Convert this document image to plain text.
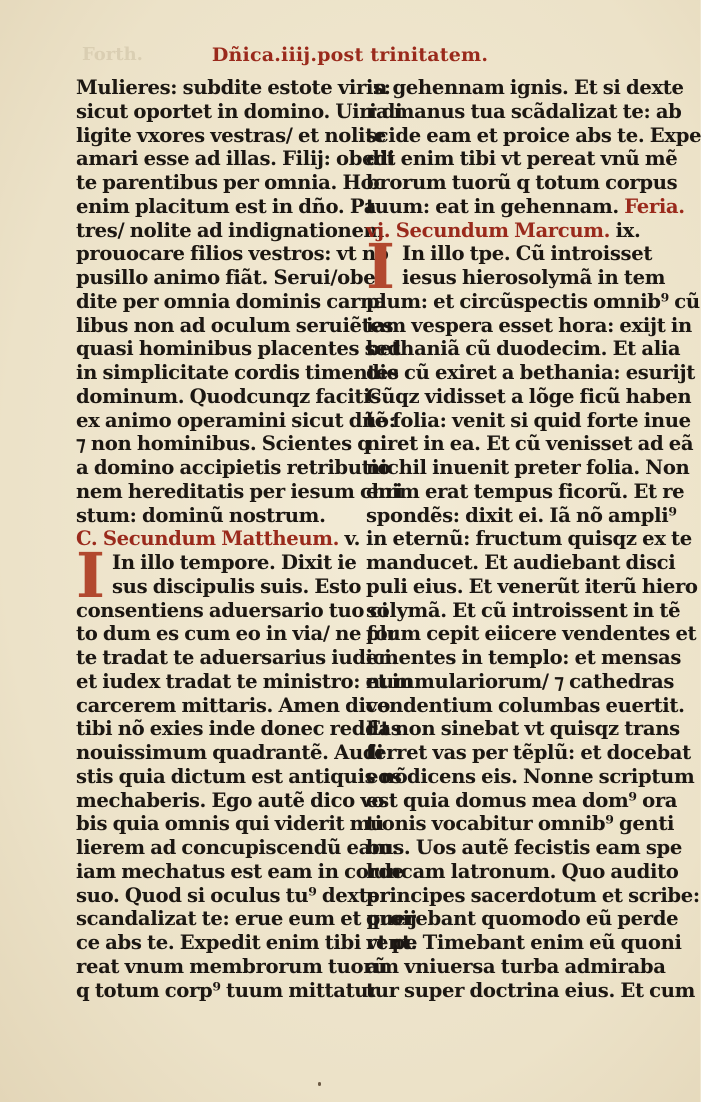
Forth.	Dñica.iiij.post trinitatem.
Mulieres: subdite estote viris:
sicut oportet in domino. Uiri di
ligite vxores vestras/ et nolite
amari esse ad illas. Filij: obedi
te parentibus per omnia. Hoc
enim placitum est in dño. Pa
tres/ nolite ad indignationem
prouocare filios vestros: vt nõ
pusillo animo fiãt. Serui/obe
dite per omnia dominis carna
libus non ad oculum seruiẽtes
quasi hominibus placentes sed
in simplicitate cordis timentes
dominum. Quodcunqz facitis
ex animo operamini sicut dño:
⁊ non hominibus. Scientes q
a domino accipietis retributio
nem hereditatis per iesum chri
stum: dominũ nostrum.
C. Secundum Mattheum. v.
I In illo tempore. Dixit ie
sus discipulis suis. Esto
consentiens aduersario tuo ci
to dum es cum eo in via/ ne for
te tradat te aduersarius iudici:
et iudex tradat te ministro: et in
carcerem mittaris. Amen dico
tibi nõ exies inde donec reddas
nouissimum quadrantẽ. Audi
stis quia dictum est antiquis nõ
mechaberis. Ego autẽ dico vo
bis quia omnis qui viderit mu
lierem ad concupiscendũ eam:
iam mechatus est eam in corde
suo. Quod si oculus tu⁹ dexter
scandalizat te: erue eum et proij
ce abs te. Expedit enim tibi vt pe
reat vnum membrorum tuorũ
q totum corp⁹ tuum mittatur
in gehennam ignis. Et si dexte
ra manus tua scãdalizat te: ab
scide eam et proice abs te. Expe
dit enim tibi vt pereat vnũ mẽ
brorum tuorũ q totum corpus
tuum: eat in gehennam. Feria.
vj. Secundum Marcum. ix.
I In illo tpe. Cũ introisset
iesus hierosolymã in tem
plum: et circũspectis omnib⁹ cũ
iam vespera esset hora: exijt in
bethaniã cũ duodecim. Et alia
die cũ exiret a bethania: esurijt
Cũqz vidisset a lõge ficũ haben
tẽ folia: venit si quid forte inue
niret in ea. Et cũ venisset ad eã
nichil inuenit preter folia. Non
enim erat tempus ficorũ. Et re
spondẽs: dixit ei. Iã nõ ampli⁹
in eternũ: fructum quisqz ex te
manducet. Et audiebant disci
puli eius. Et venerũt iterũ hiero
solymã. Et cũ introissent in tẽ
plum cepit eiicere vendentes et
ementes in templo: et mensas
nummulariorum/ ⁊ cathedras
vendentium columbas euertit.
Et non sinebat vt quisqz trans
ferret vas per tẽplũ: et docebat
eos dicens eis. Nonne scriptum
est quia domus mea dom⁹ ora
tionis vocabitur omnib⁹ genti
bus. Uos autẽ fecistis eam spe
luncam latronum. Quo audito
principes sacerdotum et scribe:
querebant quomodo eũ perde
rent. Timebant enim eũ quoni
am vniuersa turba admiraba
tur super doctrina eius. Et cum
